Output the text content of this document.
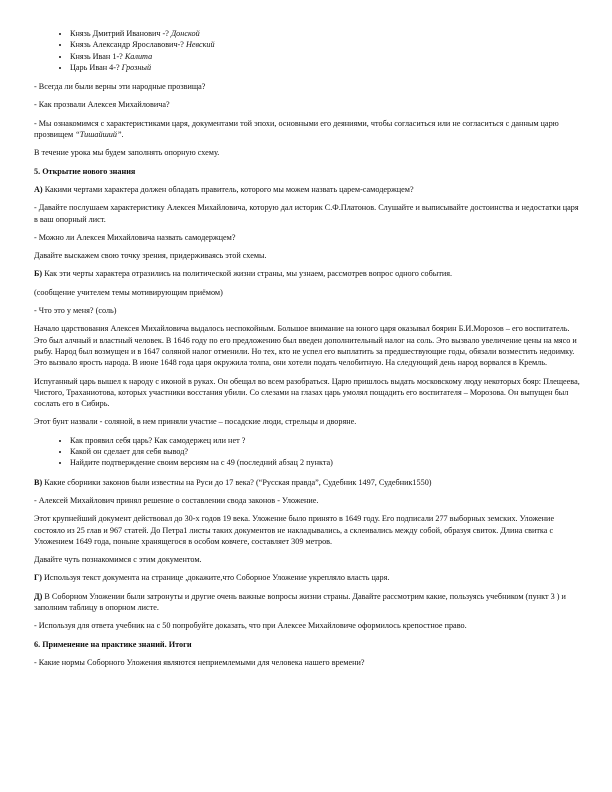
• Князь Дмитрий Иванович -? Донской
• Князь Александр Ярославович-? Невский
• Князь Иван 1-? Калита
• Царь Иван 4-? Грозный

- Всегда ли были верны эти народные прозвища?

- Как прозвали Алексея Михайловича?

- Мы ознакомимся с характеристиками царя, документами той эпохи, основными его деяниями, чтобы согласиться или не согласиться с данным царю прозвищем “Тишайший”.

В течение урока мы будем заполнять опорную схему.

5. Открытие нового знания

А) Какими чертами характера должен обладать правитель, которого мы можем назвать царем-самодержцем?

- Давайте послушаем характеристику Алексея Михайловича, которую дал историк С.Ф.Платонов. Слушайте и выписывайте достоинства и недостатки царя в ваш опорный лист.

- Можно ли Алексея Михайловича назвать самодержцем?

Давайте выскажем свою точку зрения, придерживаясь этой схемы.

Б) Как эти черты характера отразились на политической жизни страны, мы узнаем, рассмотрев вопрос одного события.

(сообщение учителем темы мотивирующим приёмом)

- Что это у меня? (соль)

Начало царствования Алексея Михайловича выдалось неспокойным. Большое внимание на юного царя оказывал боярин Б.И.Морозов – его воспитатель. Это был алчный и властный человек. В 1646 году по его предложению был введен дополнительный налог на соль. Это вызвало увеличение цены на мясо и рыбу. Народ был возмущен и в 1647 соляной налог отменили. Но тех, кто не успел его выплатить за предшествующие годы, обязали возместить недоимку. Это вызвало ярость народа. В июне 1648 года царя окружила толпа, они хотели подать челобитную. На следующий день народ ворвался в Кремль.

Испуганный царь вышел к народу с иконой в руках. Он обещал во всем разобраться. Царю пришлось выдать московскому люду некоторых бояр: Плещеева, Чистого, Траханиотова, которых участники восстания убили. Со слезами на глазах царь умолял пощадить его воспитателя – Морозова. Он выпущен был сослать его в Сибирь.

Этот бунт назвали - соляной, в нем приняли участие – посадские люди, стрельцы и дворяне.

• Как проявил себя царь? Как самодержец или нет ?
• Какой он сделает для себя вывод?
• Найдите подтверждение своим версиям на с 49 (последний абзац 2 пункта)

В) Какие сборники законов были известны на Руси до 17 века? (“Русская правда”, Судебник 1497, Судебник1550)

- Алексей Михайлович принял решение о составлении свода законов - Уложение.

Этот крупнейший документ действовал до 30-х годов 19 века. Уложение было принято в 1649 году. Его подписали 277 выборных земских. Уложение состояло из 25 глав и 967 статей. До Петра1 листы таких документов не накладывались, а склеивались между собой, образуя свиток. Длина свитка с Уложением 1649 года, поныне хранящегося в особом ковчеге, составляет 309 метров.

Давайте чуть познакомимся с этим документом.

Г) Используя текст документа на странице ,докажите,что Соборное Уложение укрепляло власть царя.

Д) В Соборном Уложении были затронуты и другие очень важные вопросы жизни страны. Давайте рассмотрим какие, пользуясь учебником (пункт 3 ) и заполним таблицу в опорном листе.

- Используя для ответа учебник на с 50 попробуйте доказать, что при Алексее Михайловиче оформилось крепостное право.

6. Применение на практике знаний. Итоги

- Какие нормы Соборного Уложения являются неприемлемыми для человека нашего времени?
